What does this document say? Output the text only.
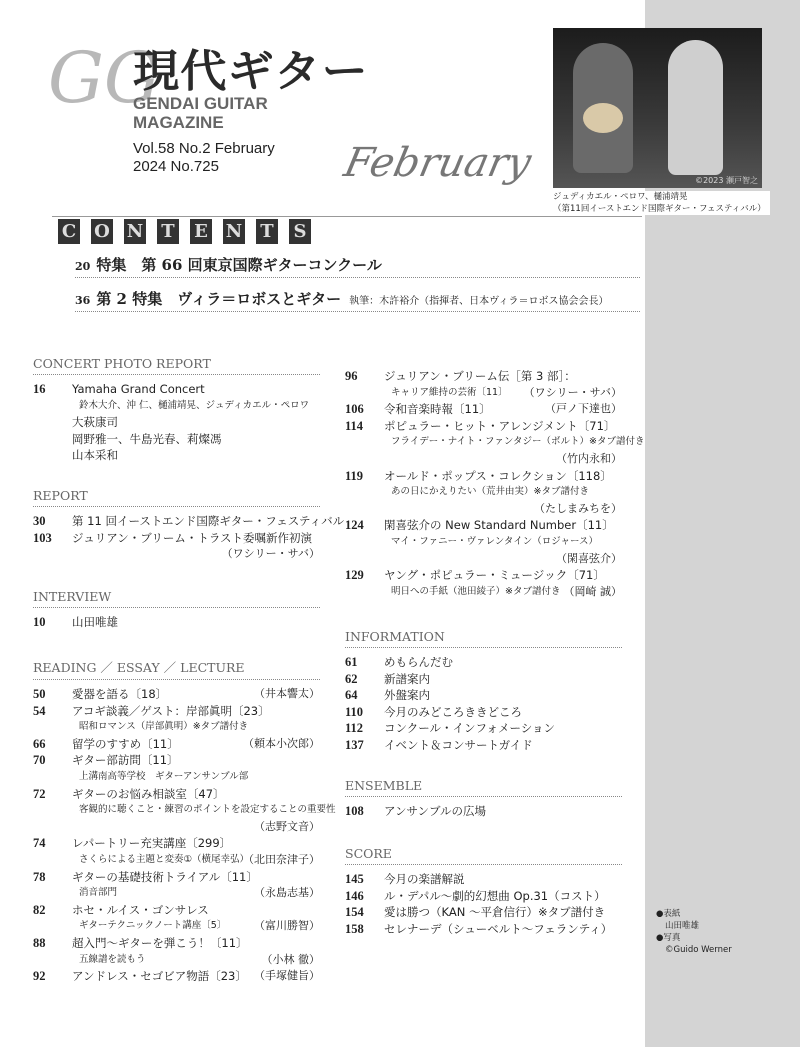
GG
現代ギター
GENDAI GUITAR
MAGAZINE
Vol.58 No.2 February
2024 No.725	February	©2023 瀬戸智之
ジュディカエル・ペロワ、樋浦靖晃
（第11回イーストエンド国際ギター・フェスティバル）
C O N T E N T S
20 特集　第 66 回東京国際ギターコンクール
36 第 2 特集　ヴィラ＝ロボスとギター 執筆：木許裕介（指揮者、日本ヴィラ＝ロボス協会会長）
CONCERT PHOTO REPORT
16 Yamaha Grand Concert
鈴木大介、沖 仁、樋浦靖晃、ジュディカエル・ペロワ
大萩康司
岡野雅一、牛島光春、莉燦馮
山本采和
REPORT
30 第 11 回イーストエンド国際ギター・フェスティバル
103 ジュリアン・ブリーム・トラスト委嘱新作初演
（ワシリー・サバ）
INTERVIEW
10 山田唯雄
READING ／ ESSAY ／ LECTURE
50 愛器を語る〔18〕	（井本響太）
54 アコギ談義／ゲスト：岸部眞明〔23〕
昭和ロマンス（岸部眞明）※タブ譜付き
66 留学のすすめ〔11〕	（頼本小次郎）
70 ギター部訪問〔11〕
上溝南高等学校　ギターアンサンブル部
72 ギターのお悩み相談室〔47〕
客観的に聴くこと・練習のポイントを設定することの重要性
（志野文音）
74 レパートリー充実講座〔299〕
さくらによる主題と変奏①（横尾幸弘）
（北田奈津子）
78 ギターの基礎技術トライアル〔11〕
消音部門	（永島志基）
82 ホセ・ルイス・ゴンサレス
ギターテクニックノート講座〔5〕	（富川勝智）
88 超入門～ギターを弾こう！〔11〕
五線譜を読もう	（小林 徹）
92 アンドレス・セゴビア物語〔23〕 （手塚健旨）
96 ジュリアン・ブリーム伝［第 3 部］：
キャリア維持の芸術〔11〕 （ワシリー・サバ）
106 令和音楽時報〔11〕	（戸ノ下達也）
114 ポピュラー・ヒット・アレンジメント〔71〕
フライデー・ナイト・ファンタジー（ボルト）※タブ譜付き
（竹内永和）
119 オールド・ポップス・コレクション〔118〕
あの日にかえりたい（荒井由実）※タブ譜付き
（たしまみちを）
124 閑喜弦介の New Standard Number〔11〕
マイ・ファニー・ヴァレンタイン（ロジャース）
（閑喜弦介）
129 ヤング・ポピュラー・ミュージック〔71〕
明日への手紙（池田綾子）※タブ譜付き （岡崎 誠）
INFORMATION
61 めもらんだむ
62 新譜案内
64 外盤案内
110 今月のみどころききどころ
112 コンクール・インフォメーション
137 イベント＆コンサートガイド
ENSEMBLE
108 アンサンブルの広場
SCORE
145 今月の楽譜解説
146 ル・デパル～劇的幻想曲 Op.31（コスト）
154 愛は勝つ（KAN ～平倉信行）※タブ譜付き
158 セレナーデ（シューベルト～フェランティ）
●表紙
山田唯雄
●写真
©Guido Werner
